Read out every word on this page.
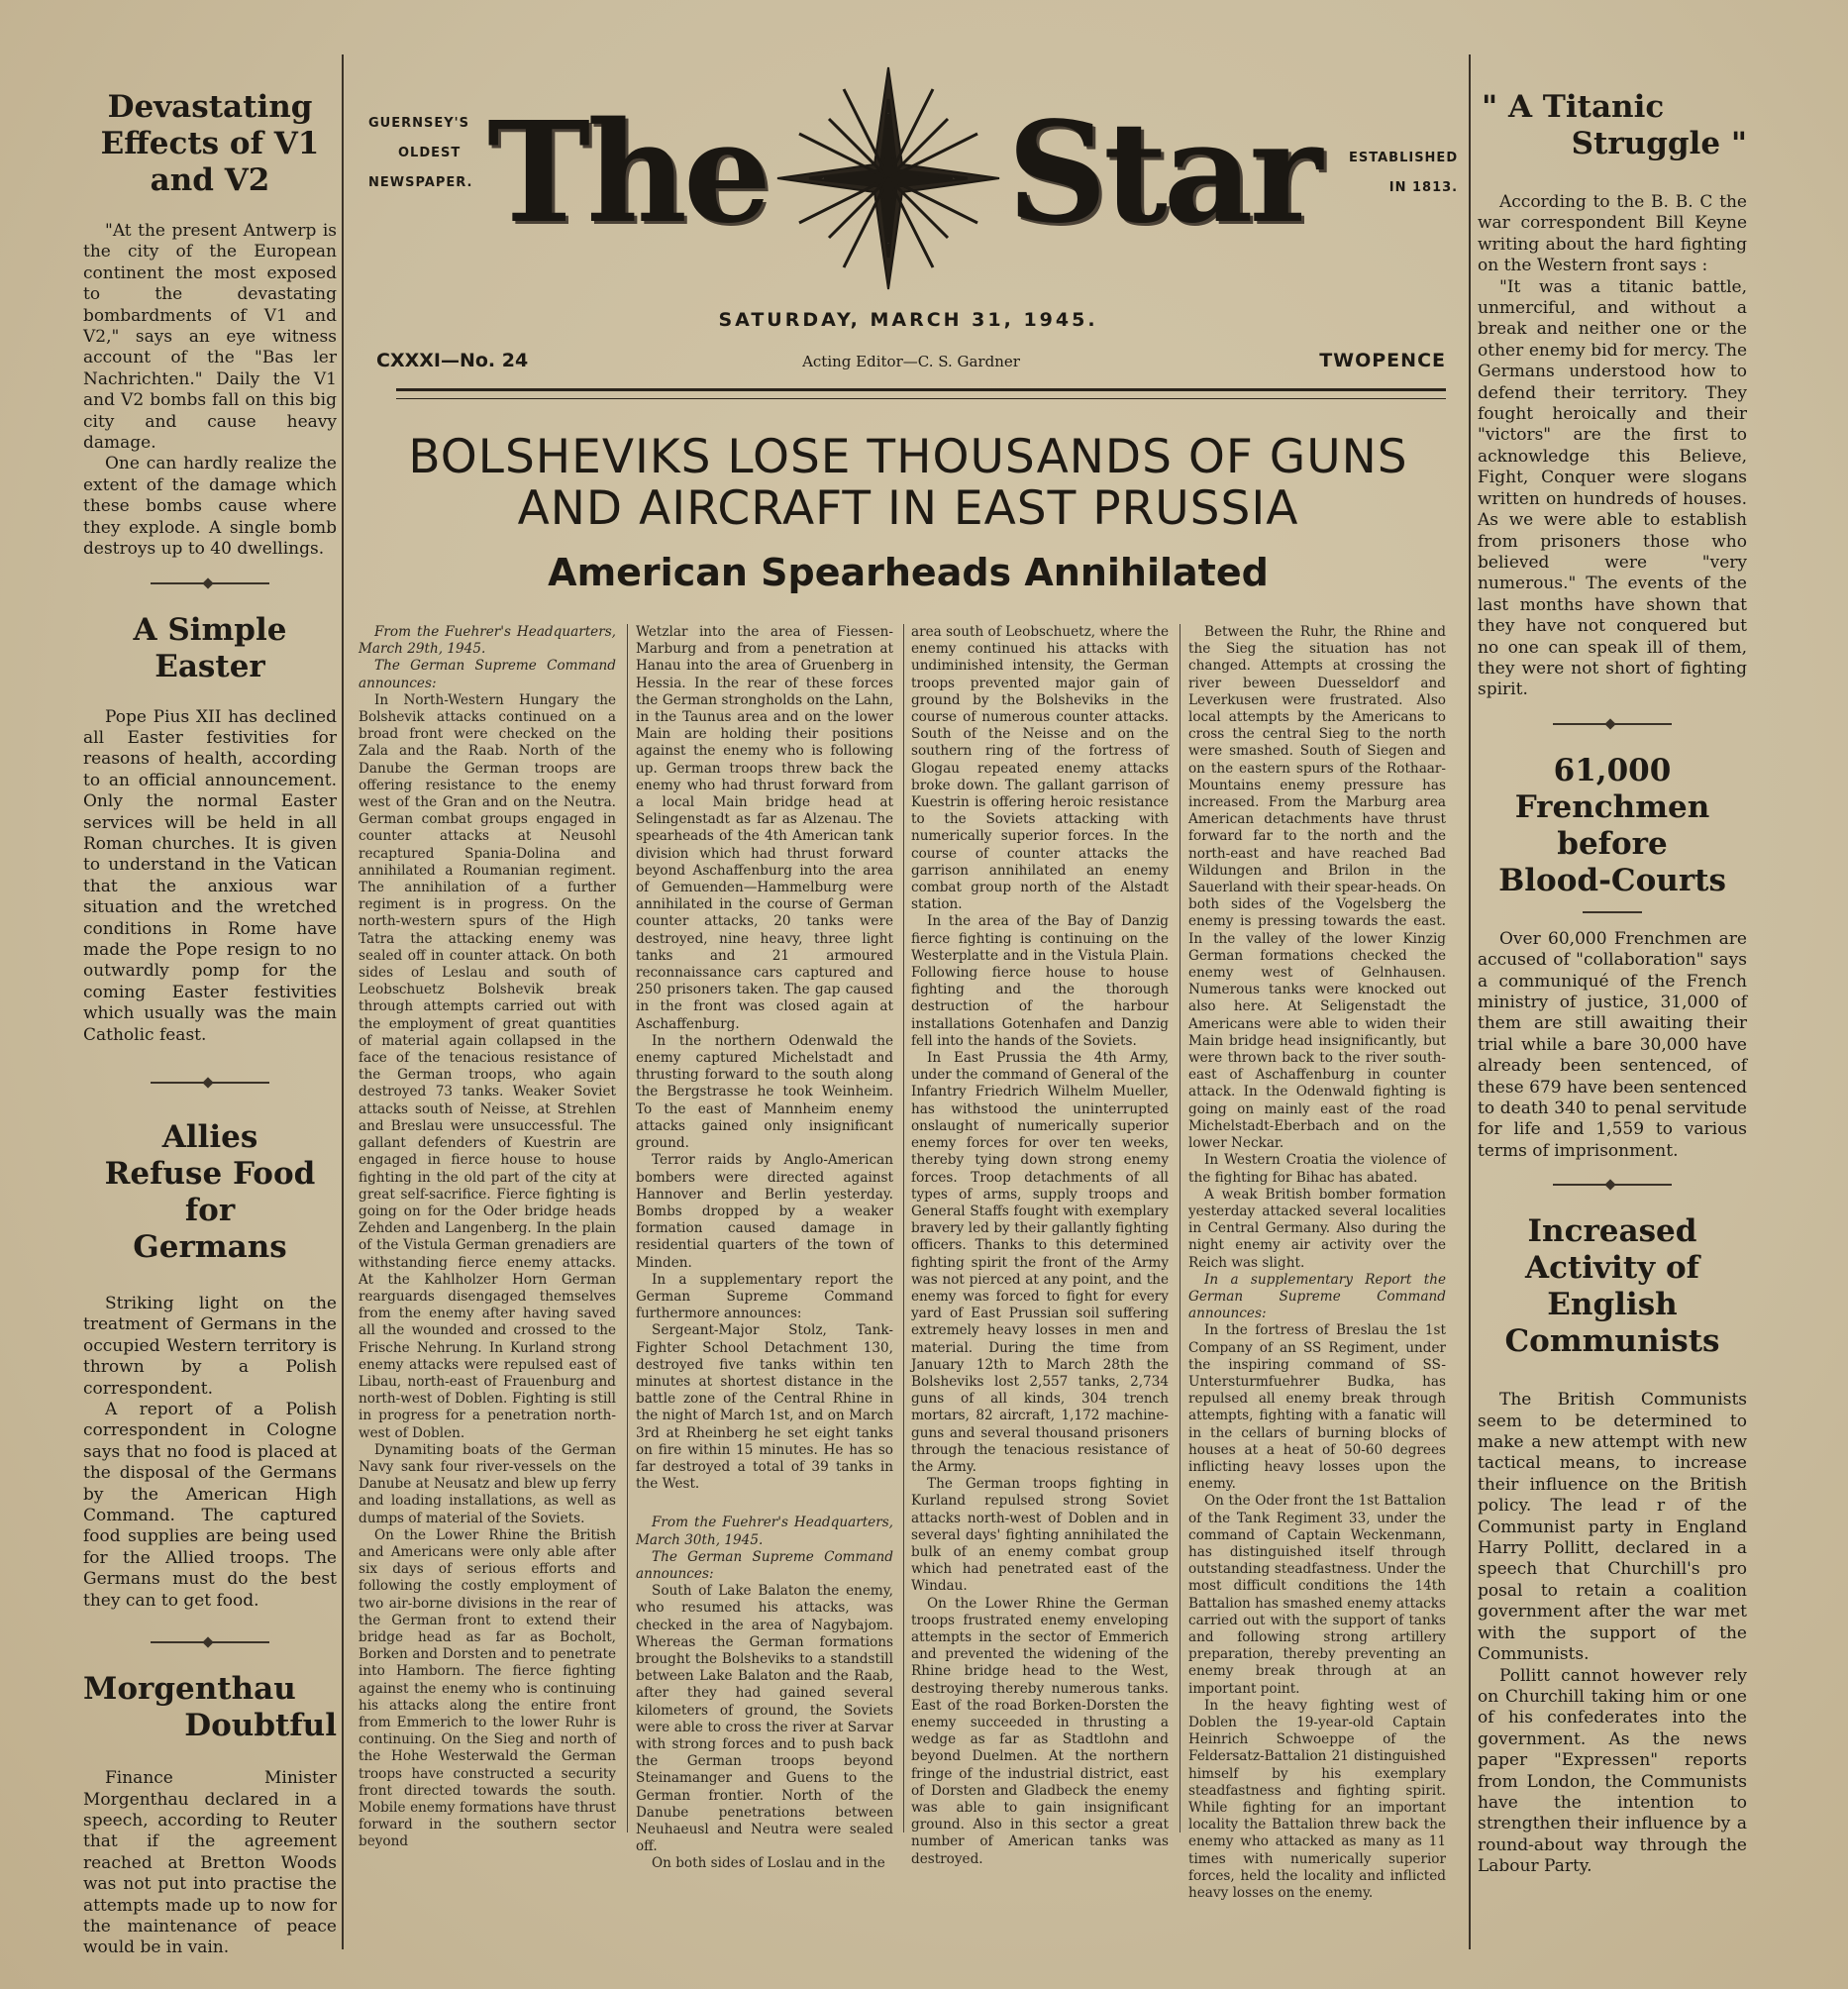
Devastating Effects of V1 and V2

"At the present Antwerp is the city of the European continent the most exposed to the devastating bombardments of V1 and V2," says an eye witness account of the "Bas ler Nachrichten." Daily the V1 and V2 bombs fall on this big city and cause heavy damage.

One can hardly realize the extent of the damage which these bombs cause where they explode. A single bomb destroys up to 40 dwellings.

A Simple Easter

Pope Pius XII has declined all Easter festivities for reasons of health, according to an official announcement. Only the normal Easter services will be held in all Roman churches. It is given to understand in the Vatican that the anxious war situation and the wretched conditions in Rome have made the Pope resign to no outwardly pomp for the coming Easter festivities which usually was the main Catholic feast.

Allies Refuse Food for Germans

Striking light on the treatment of Germans in the occupied Western territory is thrown by a Polish correspondent.

A report of a Polish correspondent in Cologne says that no food is placed at the disposal of the Germans by the American High Command. The captured food supplies are being used for the Allied troops. The Germans must do the best they can to get food.

Morgenthau
Doubtful

Finance Minister Morgenthau declared in a speech, according to Reuter that if the agreement reached at Bretton Woods was not put into practise the attempts made up to now for the maintenance of peace would be in vain.

GUERNSEY'S
OLDEST
NEWSPAPER. The Star ESTABLISHED
IN 1813.
SATURDAY, MARCH 31, 1945.
CXXXI—No. 24	Acting Editor—C. S. Gardner	TWOPENCE
BOLSHEVIKS LOSE THOUSANDS OF GUNS
AND AIRCRAFT IN EAST PRUSSIA
American Spearheads Annihilated

From the Fuehrer's Headquarters, March 29th, 1945.

The German Supreme Command announces:

In North-Western Hungary the Bolshevik attacks continued on a broad front were checked on the Zala and the Raab. North of the Danube the German troops are offering resistance to the enemy west of the Gran and on the Neutra. German combat groups engaged in counter attacks at Neusohl recaptured Spania-Dolina and annihilated a Roumanian regiment. The annihilation of a further regiment is in progress. On the north-western spurs of the High Tatra the attacking enemy was sealed off in counter attack. On both sides of Leslau and south of Leobschuetz Bolshevik break through attempts carried out with the employment of great quantities of material again collapsed in the face of the tenacious resistance of the German troops, who again destroyed 73 tanks. Weaker Soviet attacks south of Neisse, at Strehlen and Breslau were unsuccessful. The gallant defenders of Kuestrin are engaged in fierce house to house fighting in the old part of the city at great self-sacrifice. Fierce fighting is going on for the Oder bridge heads Zehden and Langenberg. In the plain of the Vistula German grenadiers are withstanding fierce enemy attacks. At the Kahlholzer Horn German rearguards disengaged themselves from the enemy after having saved all the wounded and crossed to the Frische Nehrung. In Kurland strong enemy attacks were repulsed east of Libau, north-east of Frauenburg and north-west of Doblen. Fighting is still in progress for a penetration north-west of Doblen.

Dynamiting boats of the German Navy sank four river-vessels on the Danube at Neusatz and blew up ferry and loading installations, as well as dumps of material of the Soviets.

On the Lower Rhine the British and Americans were only able after six days of serious efforts and following the costly employment of two air-borne divisions in the rear of the German front to extend their bridge head as far as Bocholt, Borken and Dorsten and to penetrate into Hamborn. The fierce fighting against the enemy who is continuing his attacks along the entire front from Emmerich to the lower Ruhr is continuing. On the Sieg and north of the Hohe Westerwald the German troops have constructed a security front directed towards the south. Mobile enemy formations have thrust forward in the southern sector beyond

Wetzlar into the area of Fiessen-Marburg and from a penetration at Hanau into the area of Gruenberg in Hessia. In the rear of these forces the German strongholds on the Lahn, in the Taunus area and on the lower Main are holding their positions against the enemy who is following up. German troops threw back the enemy who had thrust forward from a local Main bridge head at Selingenstadt as far as Alzenau. The spearheads of the 4th American tank division which had thrust forward beyond Aschaffenburg into the area of Gemuenden—Hammelburg were annihilated in the course of German counter attacks, 20 tanks were destroyed, nine heavy, three light tanks and 21 armoured reconnaissance cars captured and 250 prisoners taken. The gap caused in the front was closed again at Aschaffenburg.

In the northern Odenwald the enemy captured Michelstadt and thrusting forward to the south along the Bergstrasse he took Weinheim. To the east of Mannheim enemy attacks gained only insignificant ground.

Terror raids by Anglo-American bombers were directed against Hannover and Berlin yesterday. Bombs dropped by a weaker formation caused damage in residential quarters of the town of Minden.

In a supplementary report the German Supreme Command furthermore announces:

Sergeant-Major Stolz, Tank-Fighter School Detachment 130, destroyed five tanks within ten minutes at shortest distance in the battle zone of the Central Rhine in the night of March 1st, and on March 3rd at Rheinberg he set eight tanks on fire within 15 minutes. He has so far destroyed a total of 39 tanks in the West.

From the Fuehrer's Headquarters, March 30th, 1945.

The German Supreme Command announces:

South of Lake Balaton the enemy, who resumed his attacks, was checked in the area of Nagybajom. Whereas the German formations brought the Bolsheviks to a standstill between Lake Balaton and the Raab, after they had gained several kilometers of ground, the Soviets were able to cross the river at Sarvar with strong forces and to push back the German troops beyond Steinamanger and Guens to the German frontier. North of the Danube penetrations between Neuhaeusl and Neutra were sealed off.

On both sides of Loslau and in the

area south of Leobschuetz, where the enemy continued his attacks with undiminished intensity, the German troops prevented major gain of ground by the Bolsheviks in the course of numerous counter attacks. South of the Neisse and on the southern ring of the fortress of Glogau repeated enemy attacks broke down. The gallant garrison of Kuestrin is offering heroic resistance to the Soviets attacking with numerically superior forces. In the course of counter attacks the garrison annihilated an enemy combat group north of the Alstadt station.

In the area of the Bay of Danzig fierce fighting is continuing on the Westerplatte and in the Vistula Plain. Following fierce house to house fighting and the thorough destruction of the harbour installations Gotenhafen and Danzig fell into the hands of the Soviets.

In East Prussia the 4th Army, under the command of General of the Infantry Friedrich Wilhelm Mueller, has withstood the uninterrupted onslaught of numerically superior enemy forces for over ten weeks, thereby tying down strong enemy forces. Troop detachments of all types of arms, supply troops and General Staffs fought with exemplary bravery led by their gallantly fighting officers. Thanks to this determined fighting spirit the front of the Army was not pierced at any point, and the enemy was forced to fight for every yard of East Prussian soil suffering extremely heavy losses in men and material. During the time from January 12th to March 28th the Bolsheviks lost 2,557 tanks, 2,734 guns of all kinds, 304 trench mortars, 82 aircraft, 1,172 machine-guns and several thousand prisoners through the tenacious resistance of the Army.

The German troops fighting in Kurland repulsed strong Soviet attacks north-west of Doblen and in several days' fighting annihilated the bulk of an enemy combat group which had penetrated east of the Windau.

On the Lower Rhine the German troops frustrated enemy enveloping attempts in the sector of Emmerich and prevented the widening of the Rhine bridge head to the West, destroying thereby numerous tanks. East of the road Borken-Dorsten the enemy succeeded in thrusting a wedge as far as Stadtlohn and beyond Duelmen. At the northern fringe of the industrial district, east of Dorsten and Gladbeck the enemy was able to gain insignificant ground. Also in this sector a great number of American tanks was destroyed.

Between the Ruhr, the Rhine and the Sieg the situation has not changed. Attempts at crossing the river beween Duesseldorf and Leverkusen were frustrated. Also local attempts by the Americans to cross the central Sieg to the north were smashed. South of Siegen and on the eastern spurs of the Rothaar-Mountains enemy pressure has increased. From the Marburg area American detachments have thrust forward far to the north and the north-east and have reached Bad Wildungen and Brilon in the Sauerland with their spear-heads. On both sides of the Vogelsberg the enemy is pressing towards the east. In the valley of the lower Kinzig German formations checked the enemy west of Gelnhausen. Numerous tanks were knocked out also here. At Seligenstadt the Americans were able to widen their Main bridge head insignificantly, but were thrown back to the river south-east of Aschaffenburg in counter attack. In the Odenwald fighting is going on mainly east of the road Michelstadt-Eberbach and on the lower Neckar.

In Western Croatia the violence of the fighting for Bihac has abated.

A weak British bomber formation yesterday attacked several localities in Central Germany. Also during the night enemy air activity over the Reich was slight.

In a supplementary Report the German Supreme Command announces:

In the fortress of Breslau the 1st Company of an SS Regiment, under the inspiring command of SS-Untersturmfuehrer Budka, has repulsed all enemy break through attempts, fighting with a fanatic will in the cellars of burning blocks of houses at a heat of 50-60 degrees inflicting heavy losses upon the enemy.

On the Oder front the 1st Battalion of the Tank Regiment 33, under the command of Captain Weckenmann, has distinguished itself through outstanding steadfastness. Under the most difficult conditions the 14th Battalion has smashed enemy attacks carried out with the support of tanks and following strong artillery preparation, thereby preventing an enemy break through at an important point.

In the heavy fighting west of Doblen the 19-year-old Captain Heinrich Schwoeppe of the Feldersatz-Battalion 21 distinguished himself by his exemplary steadfastness and fighting spirit. While fighting for an important locality the Battalion threw back the enemy who attacked as many as 11 times with numerically superior forces, held the locality and inflicted heavy losses on the enemy.

" A Titanic
Struggle "

According to the B. B. C the war correspondent Bill Keyne writing about the hard fighting on the Western front says :

"It was a titanic battle, unmerciful, and without a break and neither one or the other enemy bid for mercy. The Germans understood how to defend their territory. They fought heroically and their "victors" are the first to acknowledge this Believe, Fight, Conquer were slogans written on hundreds of houses. As we were able to establish from prisoners those who believed were "very numerous." The events of the last months have shown that they have not conquered but no one can speak ill of them, they were not short of fighting spirit.

61,000 Frenchmen before Blood-Courts

Over 60,000 Frenchmen are accused of "collaboration" says a communiqué of the French ministry of justice, 31,000 of them are still awaiting their trial while a bare 30,000 have already been sentenced, of these 679 have been sentenced to death 340 to penal servitude for life and 1,559 to various terms of imprisonment.

Increased Activity of English Communists

The British Communists seem to be determined to make a new attempt with new tactical means, to increase their influence on the British policy. The lead r of the Communist party in England Harry Pollitt, declared in a speech that Churchill's pro posal to retain a coalition government after the war met with the support of the Communists.

Pollitt cannot however rely on Churchill taking him or one of his confederates into the government. As the news paper "Expressen" reports from London, the Communists have the intention to strengthen their influence by a round-about way through the Labour Party.
